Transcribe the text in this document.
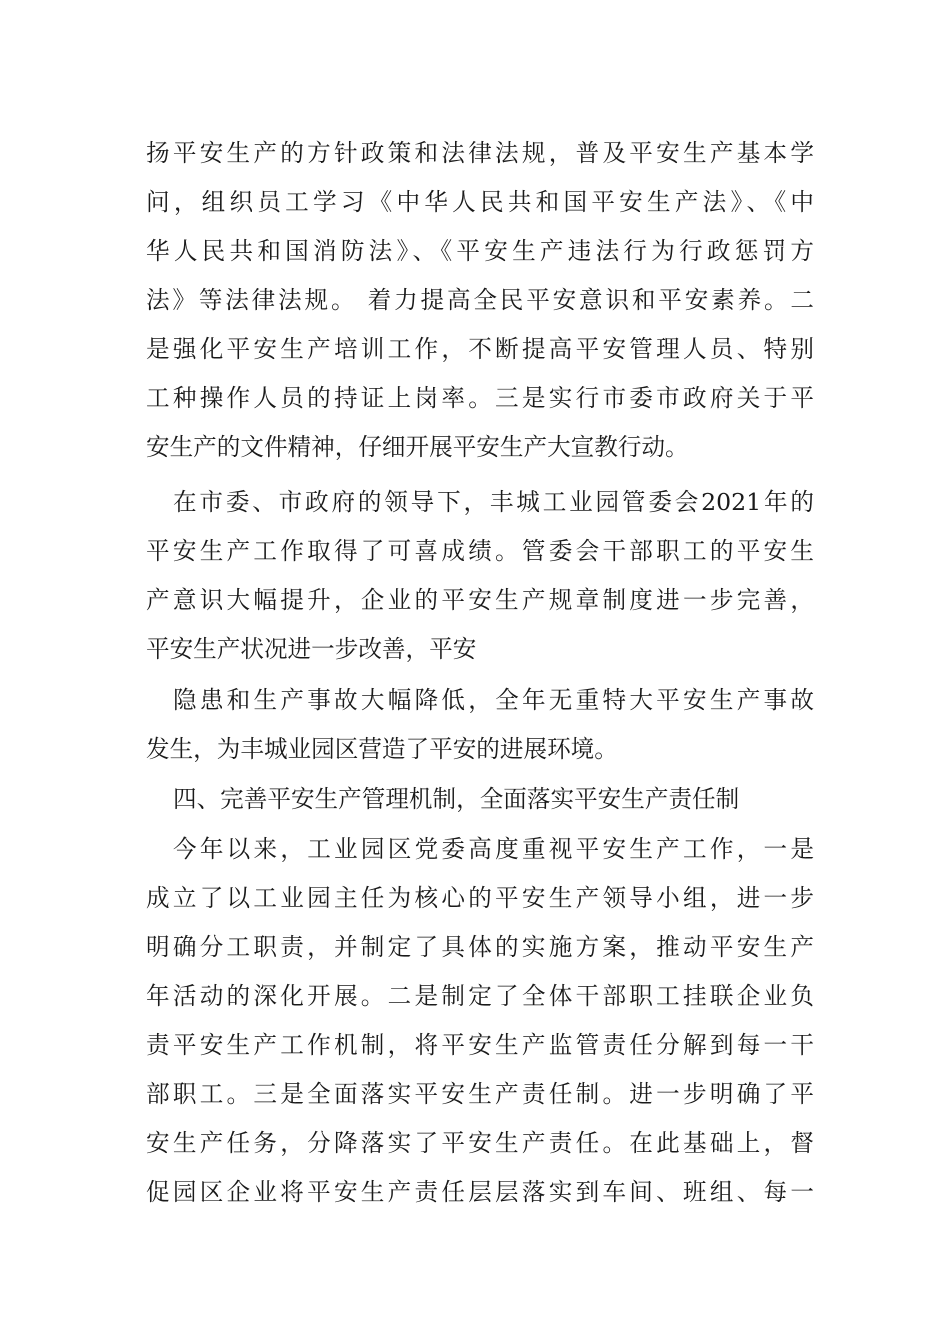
扬平安生产的方针政策和法律法规，普及平安生产基本学
问，组织员工学习《中华人民共和国平安生产法》、《中
华人民共和国消防法》、《平安生产违法行为行政惩罚方
法》等法律法规。 着力提高全民平安意识和平安素养。二
是强化平安生产培训工作，不断提高平安管理人员、特别
工种操作人员的持证上岗率。三是实行市委市政府关于平
安生产的文件精神，仔细开展平安生产大宣教行动。
在市委、市政府的领导下，丰城工业园管委会2021年的
平安生产工作取得了可喜成绩。管委会干部职工的平安生
产意识大幅提升，企业的平安生产规章制度进一步完善，
平安生产状况进一步改善，平安
隐患和生产事故大幅降低，全年无重特大平安生产事故
发生，为丰城业园区营造了平安的进展环境。
四、完善平安生产管理机制，全面落实平安生产责任制
今年以来，工业园区党委高度重视平安生产工作，一是
成立了以工业园主任为核心的平安生产领导小组，进一步
明确分工职责，并制定了具体的实施方案，推动平安生产
年活动的深化开展。二是制定了全体干部职工挂联企业负
责平安生产工作机制，将平安生产监管责任分解到每一干
部职工。三是全面落实平安生产责任制。进一步明确了平
安生产任务，分降落实了平安生产责任。在此基础上，督
促园区企业将平安生产责任层层落实到车间、班组、每一
